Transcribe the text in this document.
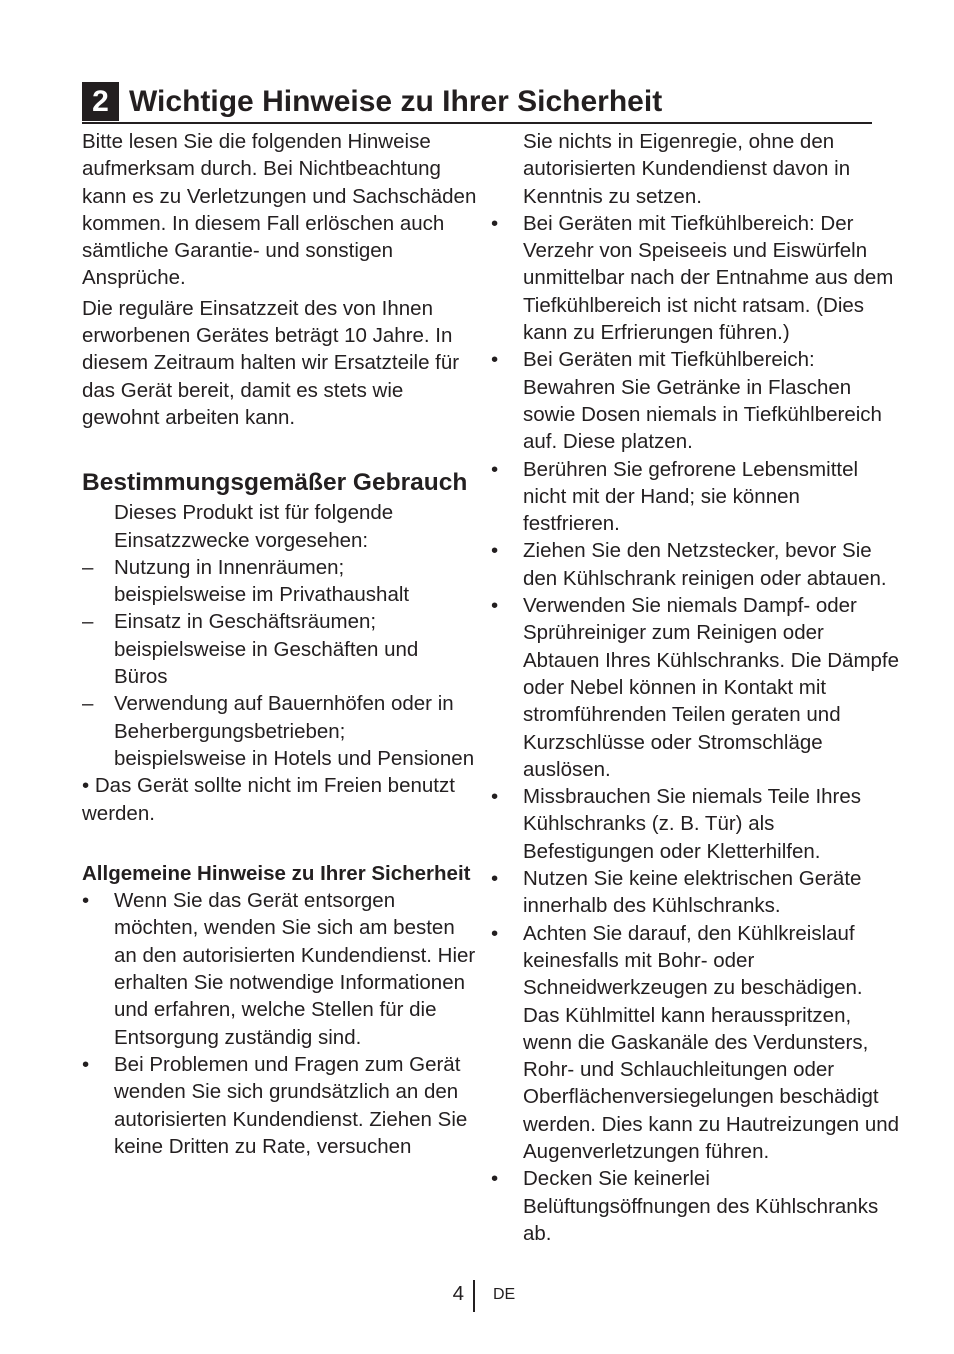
2 Wichtige Hinweise zu Ihrer Sicherheit

Bitte lesen Sie die folgenden Hinweise aufmerksam durch. Bei Nichtbeachtung kann es zu Verletzungen und Sachschäden kommen. In diesem Fall erlöschen auch sämtliche Garantie- und sonstigen Ansprüche.

Die reguläre Einsatzzeit des von Ihnen erworbenen Gerätes beträgt 10 Jahre. In diesem Zeitraum halten wir Ersatzteile für das Gerät bereit, damit es stets wie gewohnt arbeiten kann.

Bestimmungsgemäßer Gebrauch

Dieses Produkt ist für folgende Einsatzzwecke vorgesehen:

–	Nutzung in Innenräumen; beispielsweise im Privathaushalt
–	Einsatz in Geschäftsräumen; beispielsweise in Geschäften und Büros
–	Verwendung auf Bauernhöfen oder in Beherbergungsbetrieben; beispielsweise in Hotels und Pensionen

• Das Gerät sollte nicht im Freien benutzt werden.

Allgemeine Hinweise zu Ihrer Sicherheit
•	Wenn Sie das Gerät entsorgen möchten, wenden Sie sich am besten an den autorisierten Kundendienst. Hier erhalten Sie notwendige Informationen und erfahren, welche Stellen für die Entsorgung zuständig sind.
•	Bei Problemen und Fragen zum Gerät wenden Sie sich grundsätzlich an den autorisierten Kundendienst. Ziehen Sie keine Dritten zu Rate, versuchen

Sie nichts in Eigenregie, ohne den autorisierten Kundendienst davon in Kenntnis zu setzen.

•	Bei Geräten mit Tiefkühlbereich: Der Verzehr von Speiseeis und Eiswürfeln unmittelbar nach der Entnahme aus dem Tiefkühlbereich ist nicht ratsam. (Dies kann zu Erfrierungen führen.)
•	Bei Geräten mit Tiefkühlbereich: Bewahren Sie Getränke in Flaschen sowie Dosen niemals in Tiefkühlbereich auf. Diese platzen.
•	Berühren Sie gefrorene Lebensmittel nicht mit der Hand; sie können festfrieren.
•	Ziehen Sie den Netzstecker, bevor Sie den Kühlschrank reinigen oder abtauen.
•	Verwenden Sie niemals Dampf- oder Sprühreiniger zum Reinigen oder Abtauen Ihres Kühlschranks. Die Dämpfe oder Nebel können in Kontakt mit stromführenden Teilen geraten und Kurzschlüsse oder Stromschläge auslösen.
•	Missbrauchen Sie niemals Teile Ihres Kühlschranks (z. B. Tür) als Befestigungen oder Kletterhilfen.
•	Nutzen Sie keine elektrischen Geräte innerhalb des Kühlschranks.
•	Achten Sie darauf, den Kühlkreislauf keinesfalls mit Bohr- oder Schneidwerkzeugen zu beschädigen. Das Kühlmittel kann herausspritzen, wenn die Gaskanäle des Verdunsters, Rohr- und Schlauchleitungen oder Oberflächenversiegelungen beschädigt werden. Dies kann zu Hautreizungen und Augenverletzungen führen.
•	Decken Sie keinerlei Belüftungsöffnungen des Kühlschranks ab.
4 DE
